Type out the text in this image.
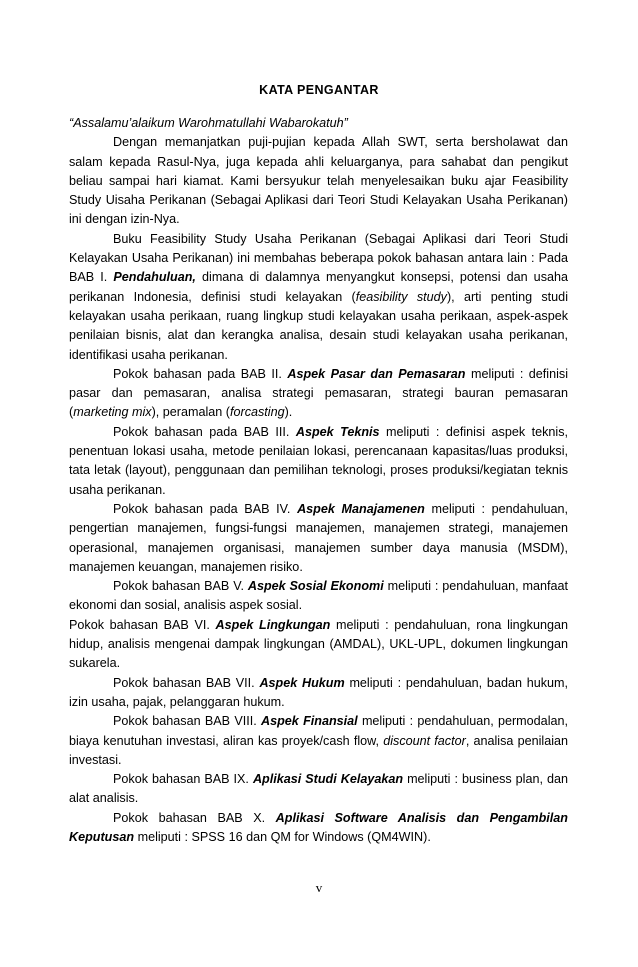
KATA PENGANTAR

“Assalamu’alaikum Warohmatullahi Wabarokatuh”

Dengan memanjatkan puji-pujian kepada Allah SWT, serta bersholawat dan salam kepada Rasul-Nya, juga kepada ahli keluarganya, para sahabat dan pengikut beliau sampai hari kiamat. Kami bersyukur telah menyelesaikan buku ajar Feasibility Study Uisaha Perikanan (Sebagai Aplikasi dari Teori Studi Kelayakan Usaha Perikanan) ini dengan izin-Nya.

Buku Feasibility Study Usaha Perikanan (Sebagai Aplikasi dari Teori Studi Kelayakan Usaha Perikanan) ini membahas beberapa pokok bahasan antara lain : Pada BAB I. Pendahuluan, dimana di dalamnya menyangkut konsepsi, potensi dan usaha perikanan Indonesia, definisi studi kelayakan (feasibility study), arti penting studi kelayakan usaha perikaan, ruang lingkup studi kelayakan usaha perikaan, aspek-aspek penilaian bisnis, alat dan kerangka analisa, desain studi kelayakan usaha perikanan, identifikasi usaha perikanan.

Pokok bahasan pada BAB II. Aspek Pasar dan Pemasaran meliputi : definisi pasar dan pemasaran, analisa strategi pemasaran, strategi bauran pemasaran (marketing mix), peramalan (forcasting).

Pokok bahasan pada BAB III. Aspek Teknis meliputi : definisi aspek teknis, penentuan lokasi usaha, metode penilaian lokasi, perencanaan kapasitas/luas produksi, tata letak (layout), penggunaan dan pemilihan teknologi, proses produksi/kegiatan teknis usaha perikanan.

Pokok bahasan pada BAB IV. Aspek Manajamenen meliputi : pendahuluan, pengertian manajemen, fungsi-fungsi manajemen, manajemen strategi, manajemen operasional, manajemen organisasi, manajemen sumber daya manusia (MSDM), manajemen keuangan, manajemen risiko.

Pokok bahasan BAB V. Aspek Sosial Ekonomi meliputi : pendahuluan, manfaat ekonomi dan sosial, analisis aspek sosial.

Pokok bahasan BAB VI. Aspek Lingkungan meliputi : pendahuluan, rona lingkungan hidup, analisis mengenai dampak lingkungan (AMDAL), UKL-UPL, dokumen lingkungan sukarela.

Pokok bahasan BAB VII. Aspek Hukum meliputi : pendahuluan, badan hukum, izin usaha, pajak, pelanggaran hukum.

Pokok bahasan BAB VIII. Aspek Finansial meliputi : pendahuluan, permodalan, biaya kenutuhan investasi, aliran kas proyek/cash flow, discount factor, analisa penilaian investasi.

Pokok bahasan BAB IX. Aplikasi Studi Kelayakan meliputi : business plan, dan alat analisis.

Pokok bahasan BAB X. Aplikasi Software Analisis dan Pengambilan Keputusan meliputi : SPSS 16 dan QM for Windows (QM4WIN).

v
